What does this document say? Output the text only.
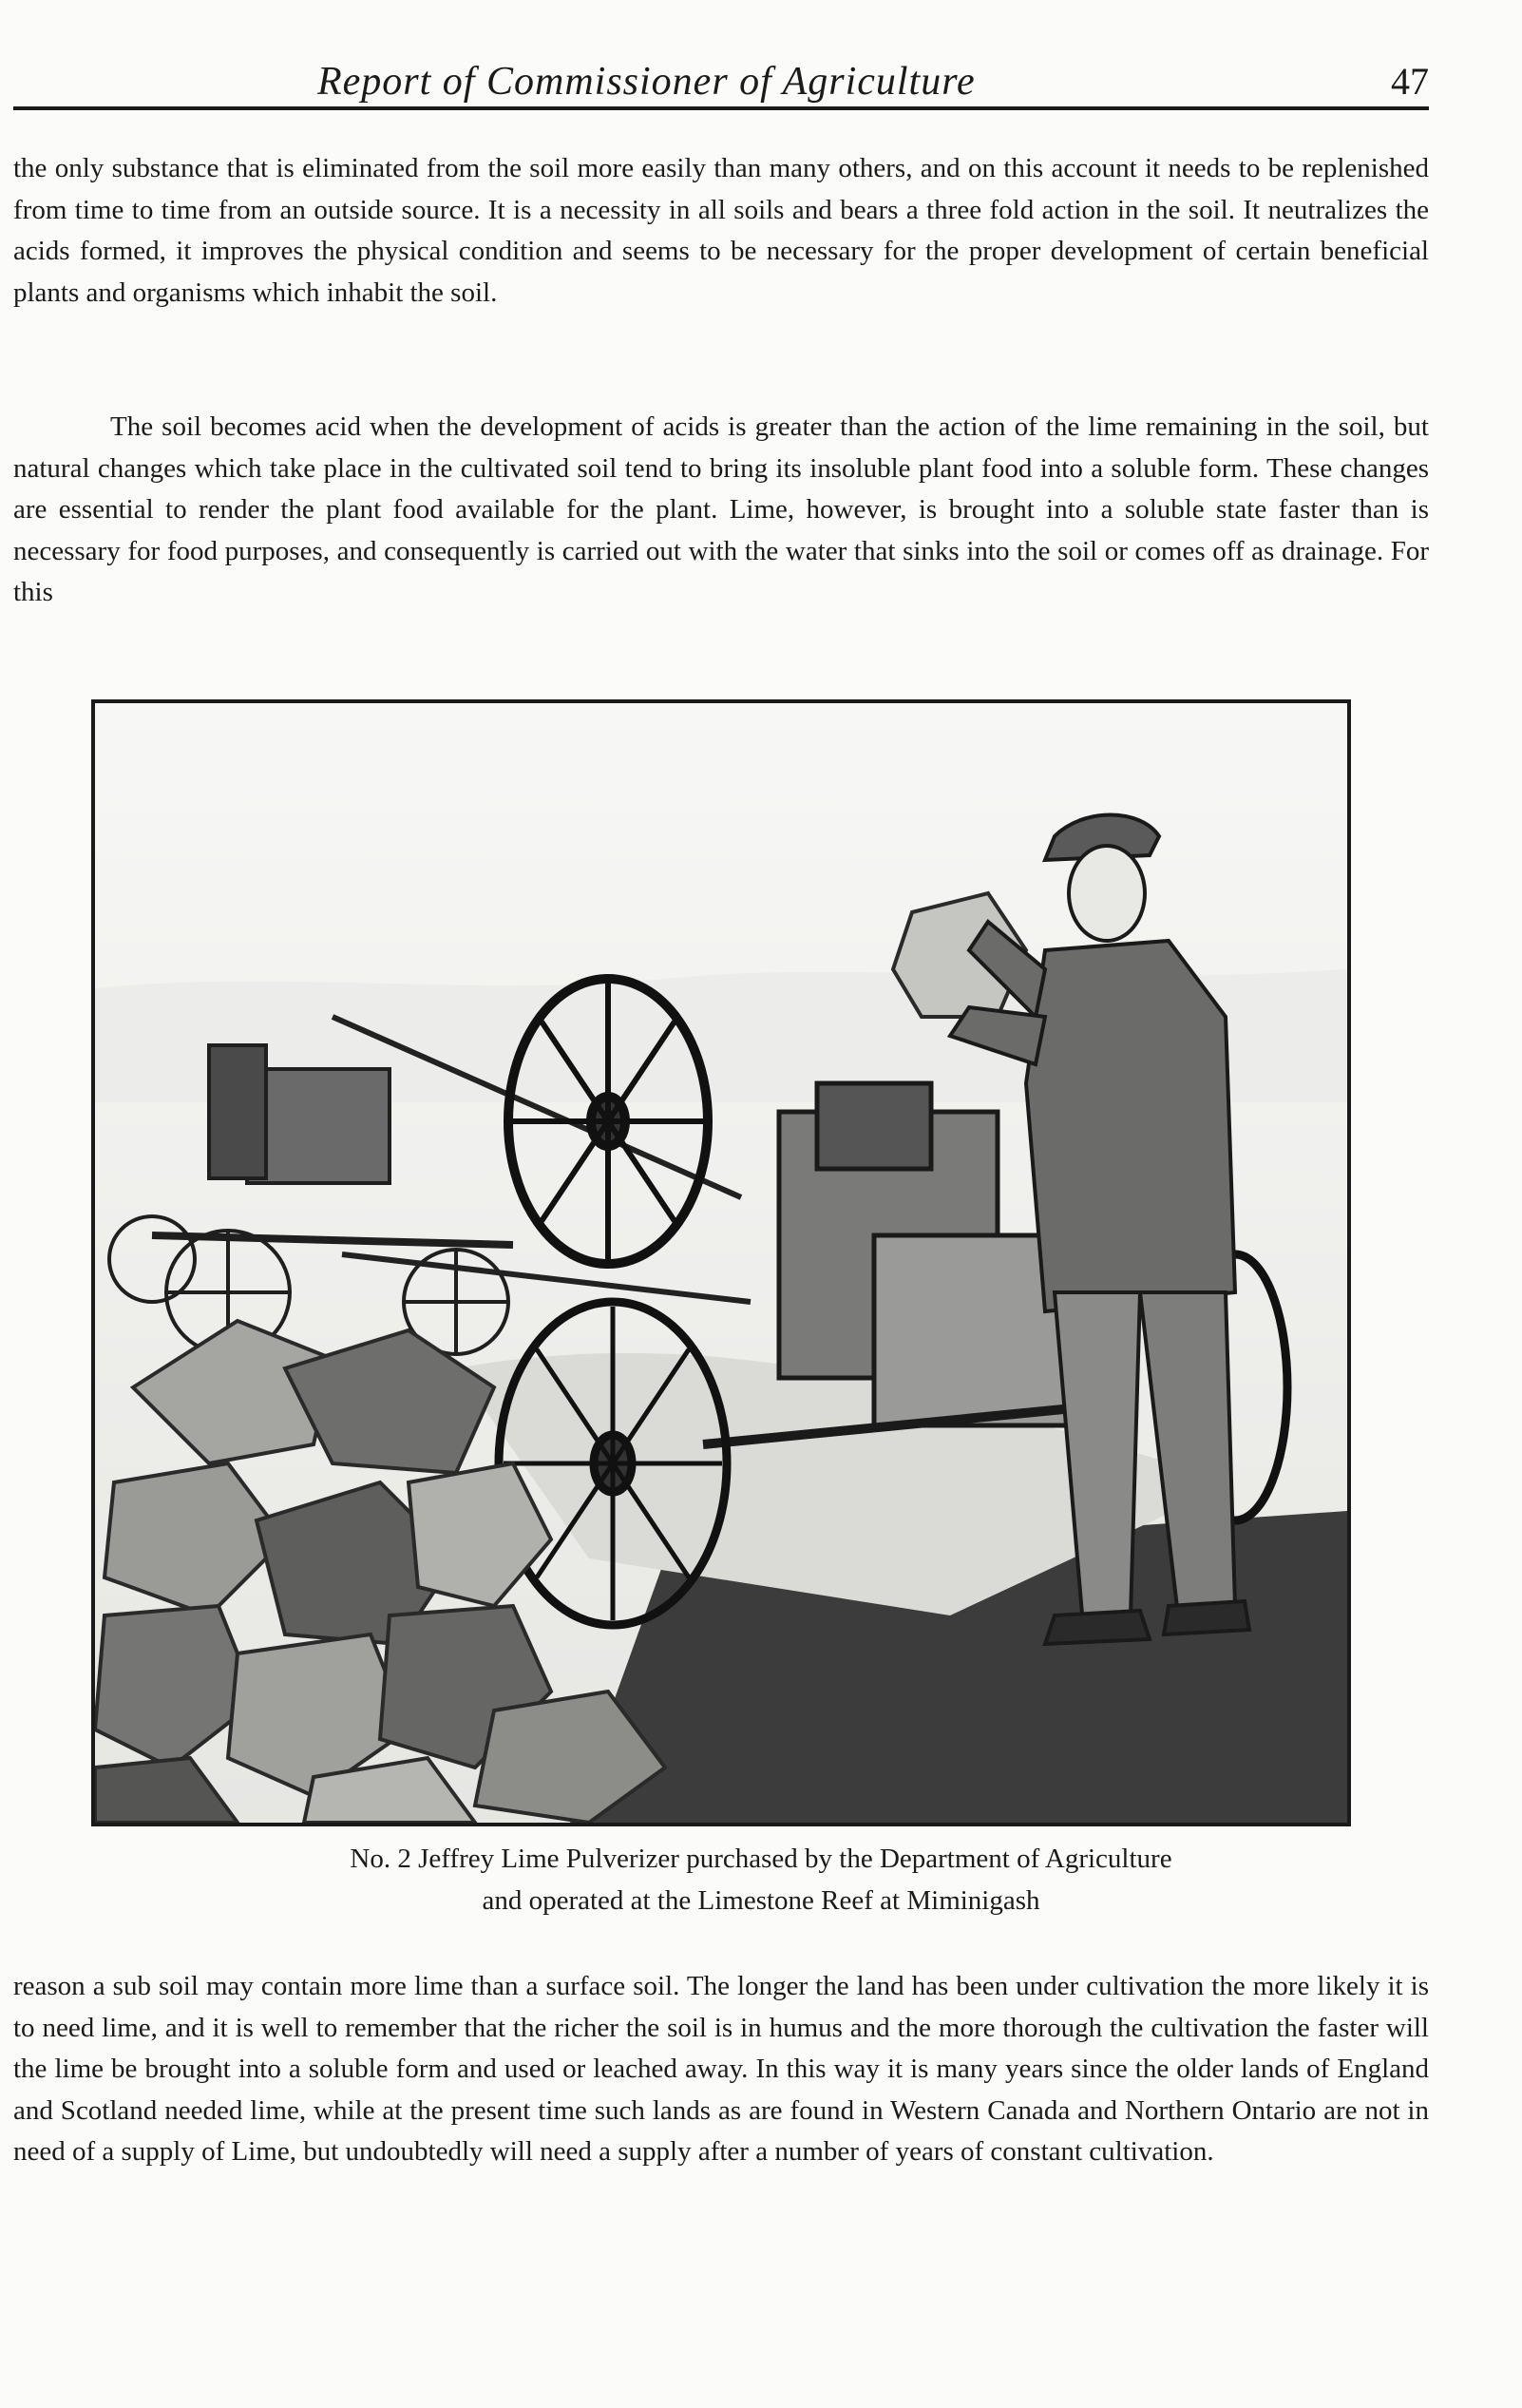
Report of Commissioner of Agriculture	47
the only substance that is eliminated from the soil more easily than many others, and on this account it needs to be replenished from time to time from an outside source. It is a necessity in all soils and bears a three fold action in the soil. It neutralizes the acids formed, it improves the physical condition and seems to be necessary for the proper development of certain beneficial plants and organisms which inhabit the soil.
The soil becomes acid when the development of acids is greater than the action of the lime remaining in the soil, but natural changes which take place in the cultivated soil tend to bring its insoluble plant food into a soluble form. These changes are essential to render the plant food available for the plant. Lime, however, is brought into a soluble state faster than is necessary for food purposes, and consequently is carried out with the water that sinks into the soil or comes off as drainage. For this
No. 2 Jeffrey Lime Pulverizer purchased by the Department of Agriculture
and operated at the Limestone Reef at Miminigash
reason a sub soil may contain more lime than a surface soil. The longer the land has been under cultivation the more likely it is to need lime, and it is well to remember that the richer the soil is in humus and the more thorough the cultivation the faster will the lime be brought into a soluble form and used or leached away. In this way it is many years since the older lands of England and Scotland needed lime, while at the present time such lands as are found in Western Canada and Northern Ontario are not in need of a supply of Lime, but undoubtedly will need a supply after a number of years of constant cultivation.
